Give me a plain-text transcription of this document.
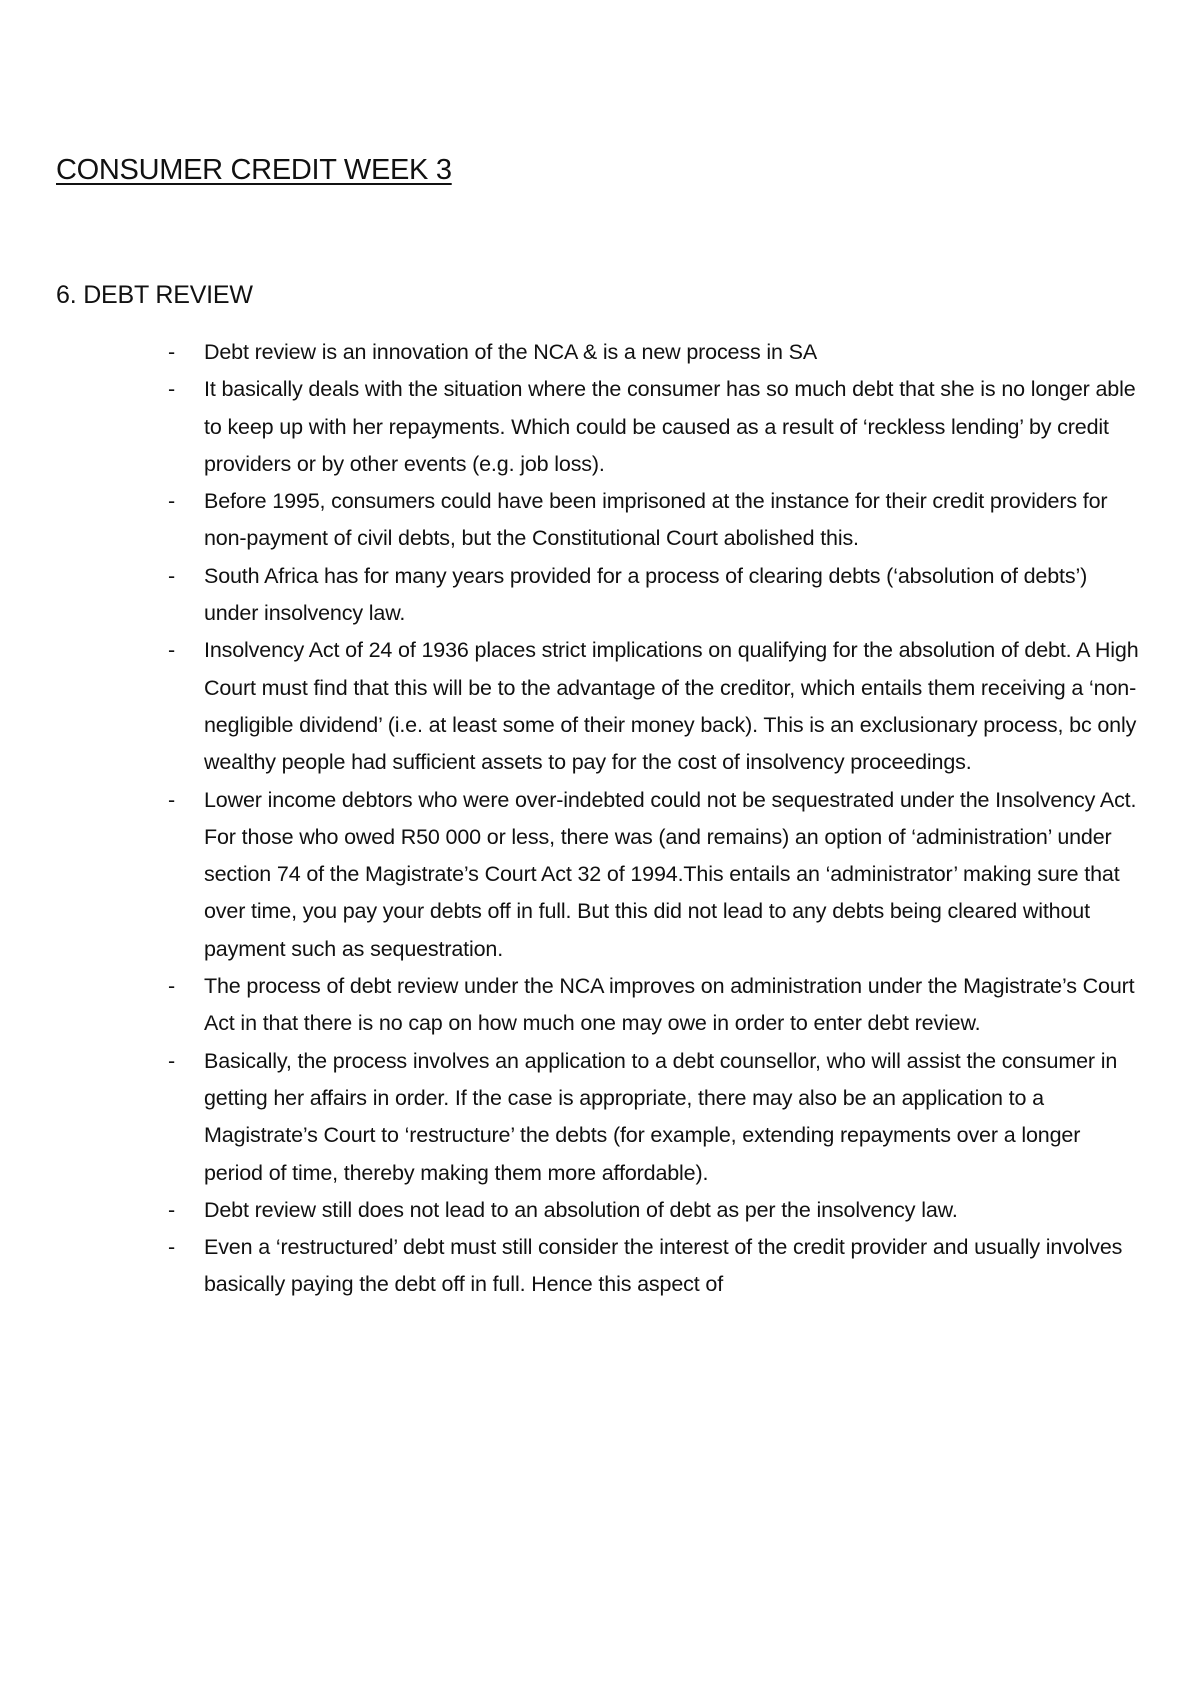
CONSUMER CREDIT WEEK 3
6. DEBT REVIEW
- Debt review is an innovation of the NCA & is a new process in SA
- It basically deals with the situation where the consumer has so much debt that she is no longer able to keep up with her repayments. Which could be caused as a result of ‘reckless lending’ by credit providers or by other events (e.g. job loss).
- Before 1995, consumers could have been imprisoned at the instance for their credit providers for non-payment of civil debts, but the Constitutional Court abolished this.
- South Africa has for many years provided for a process of clearing debts (‘absolution of debts’) under insolvency law.
- Insolvency Act of 24 of 1936 places strict implications on qualifying for the absolution of debt. A High Court must find that this will be to the advantage of the creditor, which entails them receiving a ‘non-negligible dividend’ (i.e. at least some of their money back). This is an exclusionary process, bc only wealthy people had sufficient assets to pay for the cost of insolvency proceedings.
- Lower income debtors who were over-indebted could not be sequestrated under the Insolvency Act. For those who owed R50 000 or less, there was (and remains) an option of ‘administration’ under section 74 of the Magistrate’s Court Act 32 of 1994.This entails an ‘administrator’ making sure that over time, you pay your debts off in full. But this did not lead to any debts being cleared without payment such as sequestration.
- The process of debt review under the NCA improves on administration under the Magistrate’s Court Act in that there is no cap on how much one may owe in order to enter debt review.
- Basically, the process involves an application to a debt counsellor, who will assist the consumer in getting her affairs in order. If the case is appropriate, there may also be an application to a Magistrate’s Court to ‘restructure’ the debts (for example, extending repayments over a longer period of time, thereby making them more affordable).
- Debt review still does not lead to an absolution of debt as per the insolvency law.
- Even a ‘restructured’ debt must still consider the interest of the credit provider and usually involves basically paying the debt off in full. Hence this aspect of
